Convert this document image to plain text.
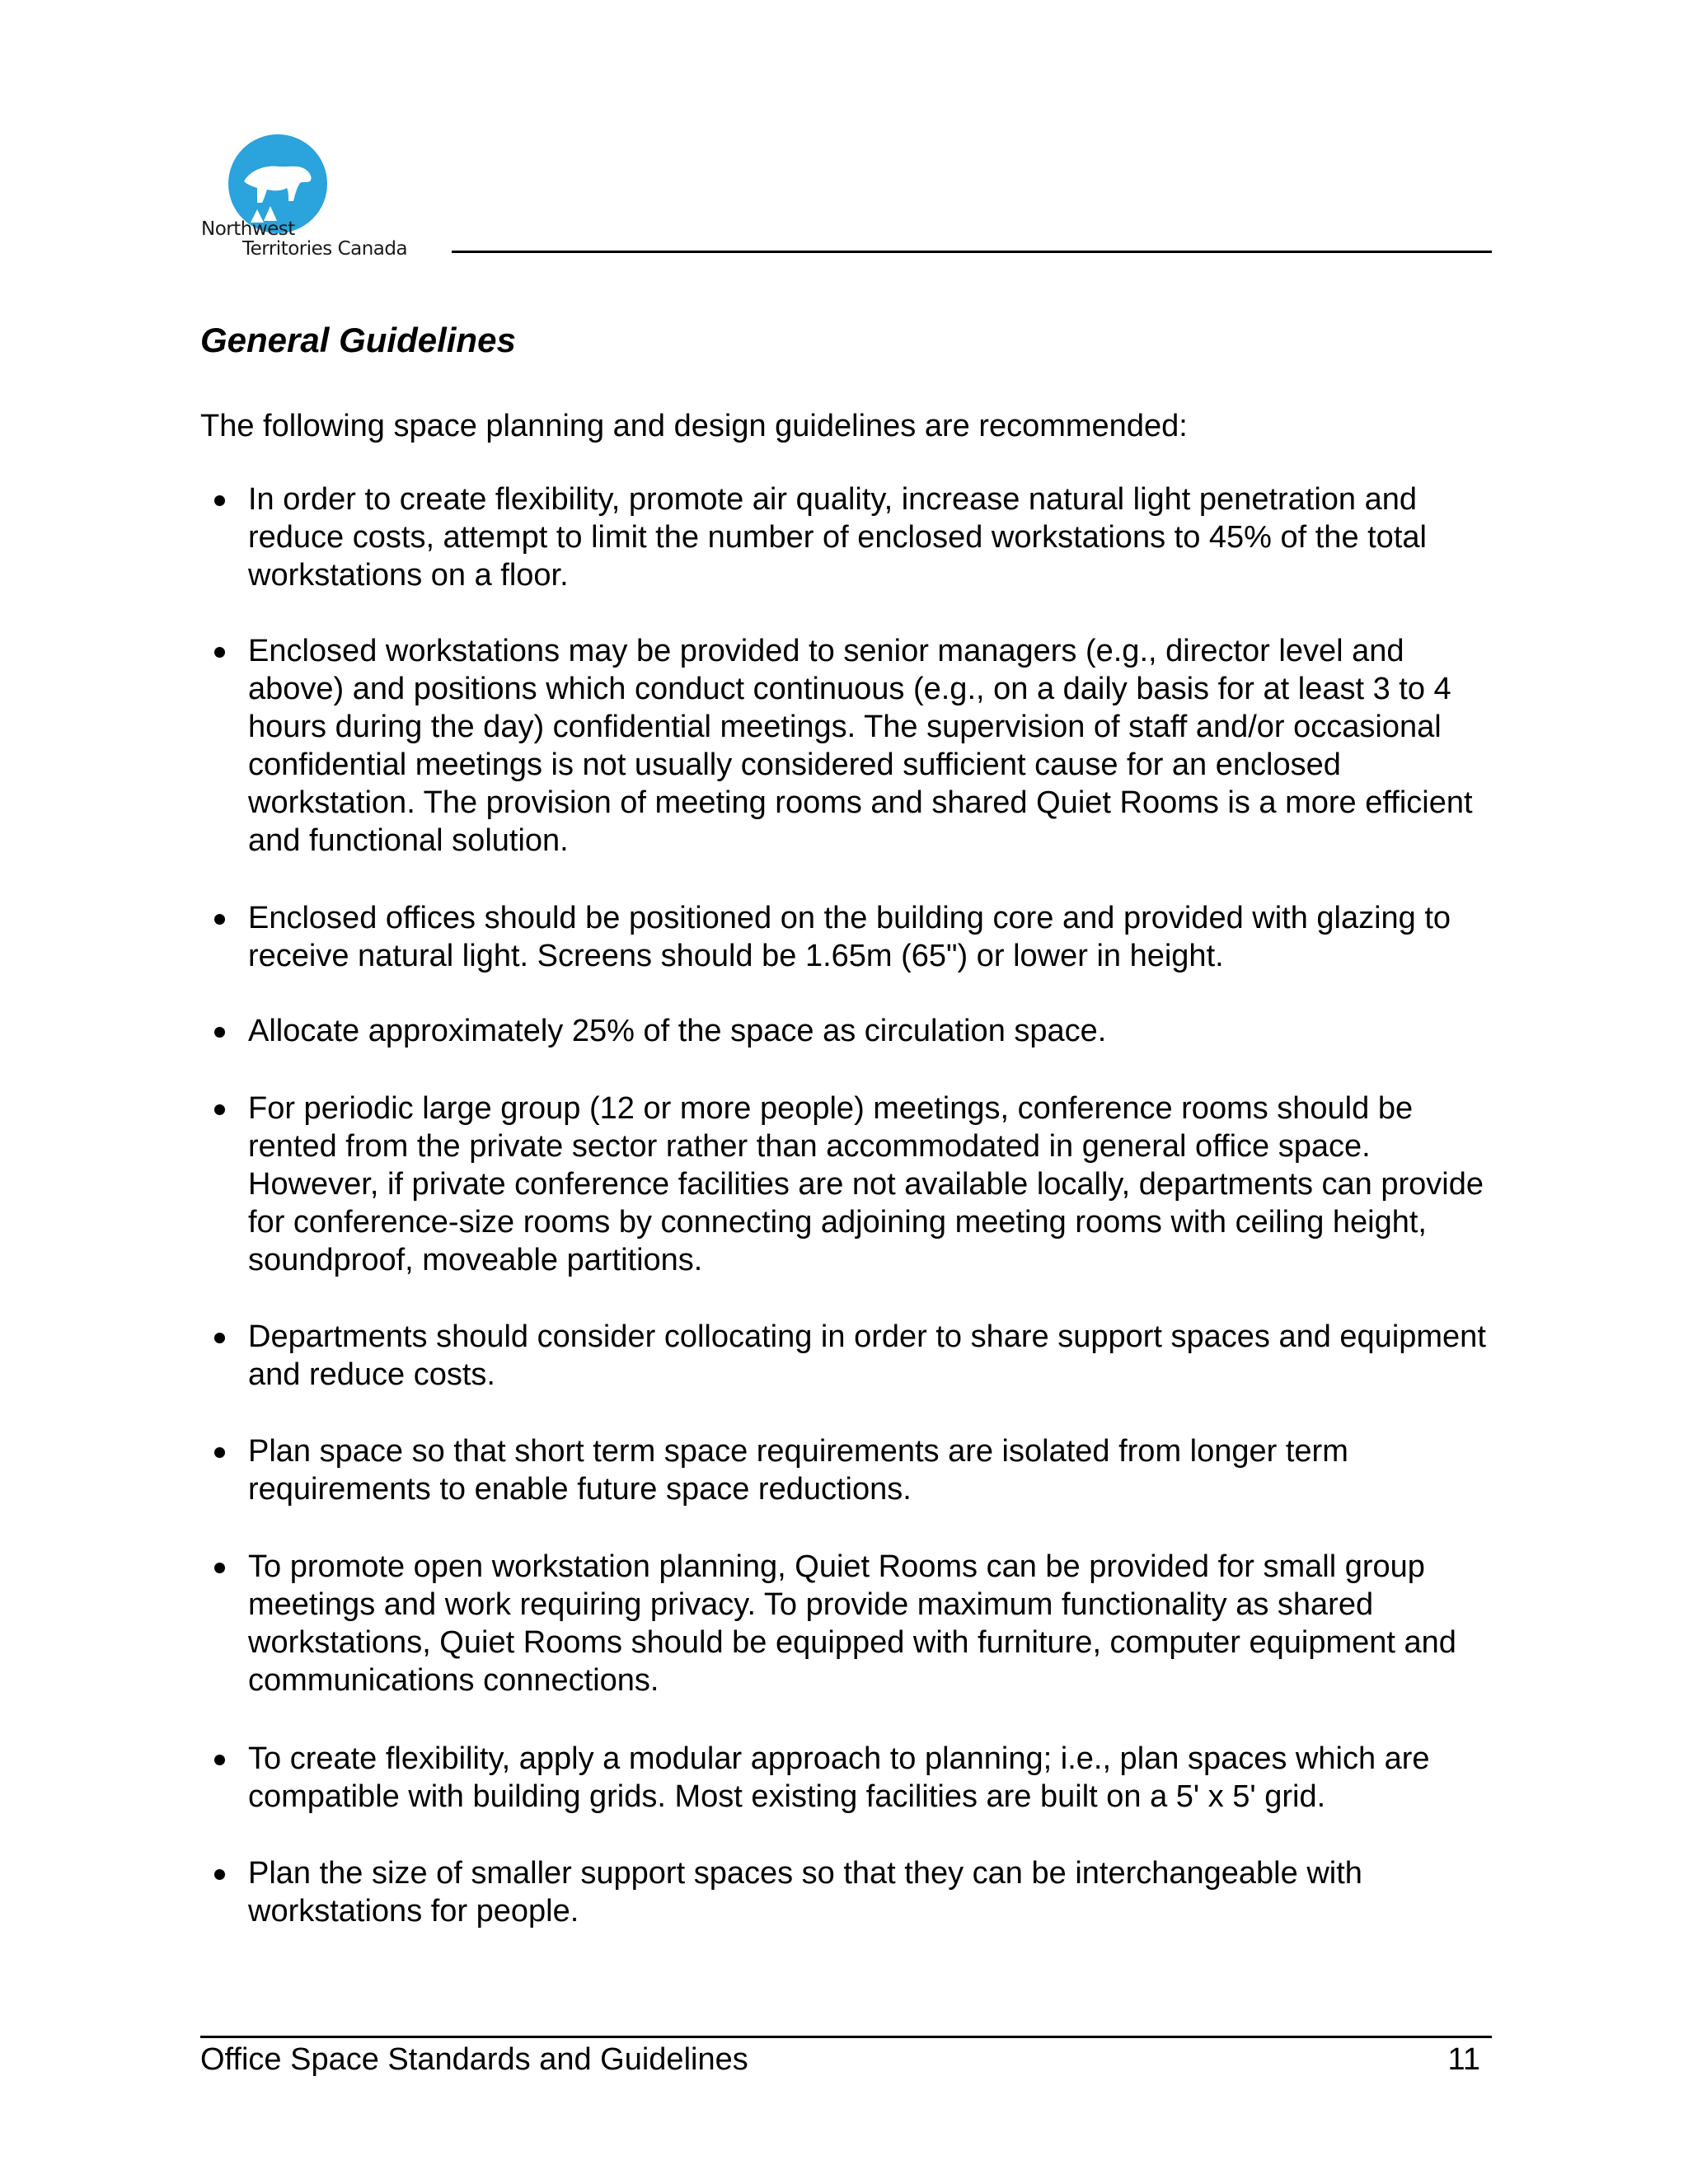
Northwest
Territories Canada
General Guidelines

The following space planning and design guidelines are recommended:

In order to create flexibility, promote air quality, increase natural light penetration and reduce costs, attempt to limit the number of enclosed workstations to 45% of the total workstations on a floor.

Enclosed workstations may be provided to senior managers (e.g., director level and above) and positions which conduct continuous (e.g., on a daily basis for at least 3 to 4 hours during the day) confidential meetings. The supervision of staff and/or occasional confidential meetings is not usually considered sufficient cause for an enclosed workstation. The provision of meeting rooms and shared Quiet Rooms is a more efficient and functional solution.

Enclosed offices should be positioned on the building core and provided with glazing to receive natural light. Screens should be 1.65m (65") or lower in height.

Allocate approximately 25% of the space as circulation space.

For periodic large group (12 or more people) meetings, conference rooms should be rented from the private sector rather than accommodated in general office space. However, if private conference facilities are not available locally, departments can provide for conference-size rooms by connecting adjoining meeting rooms with ceiling height, soundproof, moveable partitions.

Departments should consider collocating in order to share support spaces and equipment and reduce costs.

Plan space so that short term space requirements are isolated from longer term requirements to enable future space reductions.

To promote open workstation planning, Quiet Rooms can be provided for small group meetings and work requiring privacy. To provide maximum functionality as shared workstations, Quiet Rooms should be equipped with furniture, computer equipment and communications connections.

To create flexibility, apply a modular approach to planning; i.e., plan spaces which are compatible with building grids. Most existing facilities are built on a 5' x 5' grid.

Plan the size of smaller support spaces so that they can be interchangeable with workstations for people.

Office Space Standards and Guidelines	11
